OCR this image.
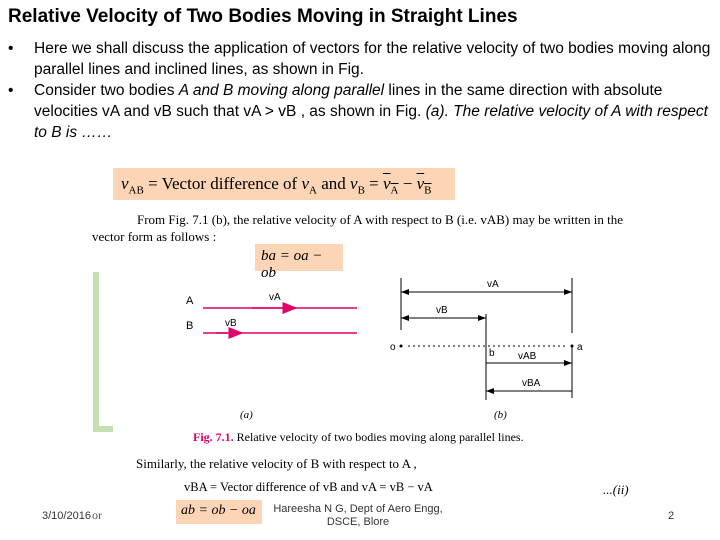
Relative Velocity of Two Bodies Moving in Straight Lines
• Here we shall discuss the application of vectors for the relative velocity of two bodies moving along parallel lines and inclined lines, as shown in Fig.
• Consider two bodies A and B moving along parallel lines in the same direction with absolute velocities vA and vB such that vA > vB , as shown in Fig. (a). The relative velocity of A with respect to B is ……
$v_{AB}$ = Vector difference of $v_A$ and $v_B = v_A - v_B$
From Fig. 7.1 (b), the relative velocity of A with respect to B (i.e. vAB) may be written in the
vector form as follows :
ba = oa − ob
A
B
vA
vB
vA
vB
o	a
b vAB
vBA
(a)	(b)
Fig. 7.1. Relative velocity of two bodies moving along parallel lines.
Similarly, the relative velocity of B with respect to A ,
vBA = Vector difference of vB and vA = vB − vA	...(ii)
ab = ob − oa
or
3/10/2016
Hareesha N G, Dept of Aero Engg, DSCE, Blore	2
